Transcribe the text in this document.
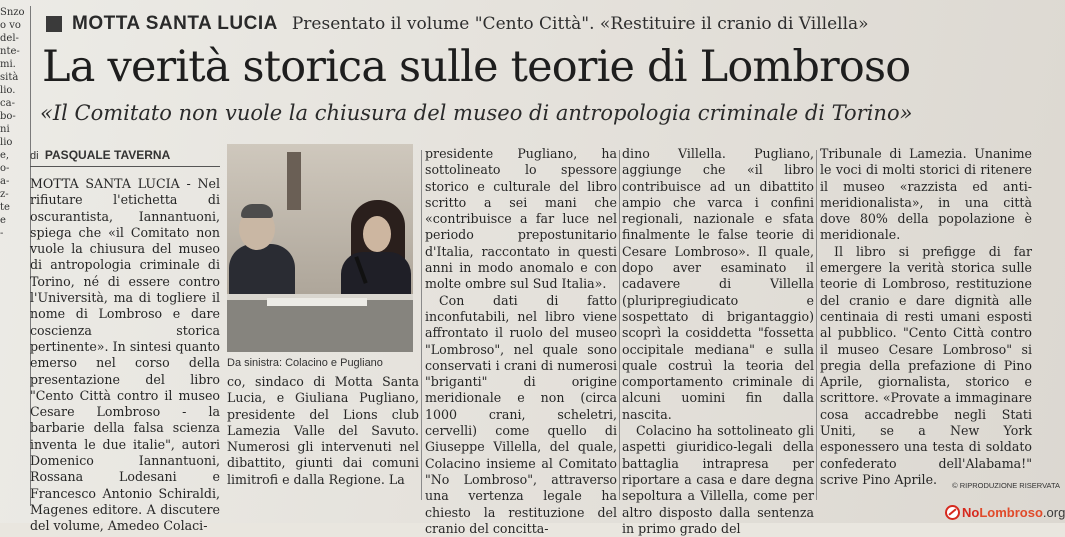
Snzo
o vo
del-
nte-
mi.
sità
lio.
ca-
bo-
ni
lio
e,
o-
a-
z-
te
e
-
MOTTA SANTA LUCIA Presentato il volume "Cento Città". «Restituire il cranio di Villella»
La verità storica sulle teorie di Lombroso
«Il Comitato non vuole la chiusura del museo di antropologia criminale di Torino»
di PASQUALE TAVERNA

MOTTA SANTA LUCIA - Nel rifiutare l'etichetta di oscurantista, Iannantuoni, spiega che «il Comitato non vuole la chiusura del museo di antropologia criminale di Torino, né di essere contro l'Università, ma di togliere il nome di Lombroso e dare coscienza storica pertinente». In sintesi quanto emerso nel corso della presentazione del libro "Cento Città contro il museo Cesare Lombroso - la barbarie della falsa scienza inventa le due italie", autori Domenico Iannantuoni, Rossana Lodesani e Francesco Antonio Schiraldi, Magenes editore. A discutere del volume, Amedeo Colaci-

Da sinistra: Colacino e Pugliano

co, sindaco di Motta Santa Lucia, e Giuliana Pugliano, presidente del Lions club Lamezia Valle del Savuto. Numerosi gli intervenuti nel dibattito, giunti dai comuni limitrofi e dalla Regione. La

presidente Pugliano, ha sottolineato lo spessore storico e culturale del libro scritto a sei mani che «contribuisce a far luce nel periodo prepostunitario d'Italia, raccontato in questi anni in modo anomalo e con molte ombre sul Sud Italia».

Con dati di fatto inconfutabili, nel libro viene affrontato il ruolo del museo "Lombroso", nel quale sono conservati i crani di numerosi "briganti" di origine meridionale e non (circa 1000 crani, scheletri, cervelli) come quello di Giuseppe Villella, del quale, Colacino insieme al Comitato "No Lombroso", attraverso una vertenza legale ha chiesto la restituzione del cranio del concitta-

dino Villella. Pugliano, aggiunge che «il libro contribuisce ad un dibattito ampio che varca i confini regionali, nazionale e sfata finalmente le false teorie di Cesare Lombroso». Il quale, dopo aver esaminato il cadavere di Villella (pluripregiudicato e sospettato di brigantaggio) scoprì la cosiddetta "fossetta occipitale mediana" e sulla quale costruì la teoria del comportamento criminale di alcuni uomini fin dalla nascita.

Colacino ha sottolineato gli aspetti giuridico-legali della battaglia intrapresa per riportare a casa e dare degna sepoltura a Villella, come per altro disposto dalla sentenza in primo grado del

Tribunale di Lamezia. Unanime le voci di molti storici di ritenere il museo «razzista ed anti-meridionalista», in una città dove 80% della popolazione è meridionale.

Il libro si prefigge di far emergere la verità storica sulle teorie di Lombroso, restituzione del cranio e dare dignità alle centinaia di resti umani esposti al pubblico. "Cento Città contro il museo Cesare Lombroso" si pregia della prefazione di Pino Aprile, giornalista, storico e scrittore. «Provate a immaginare cosa accadrebbe negli Stati Uniti, se a New York esponessero una testa di soldato confederato dell'Alabama!" scrive Pino Aprile.	© RIPRODUZIONE RISERVATA
No Lombroso .org
